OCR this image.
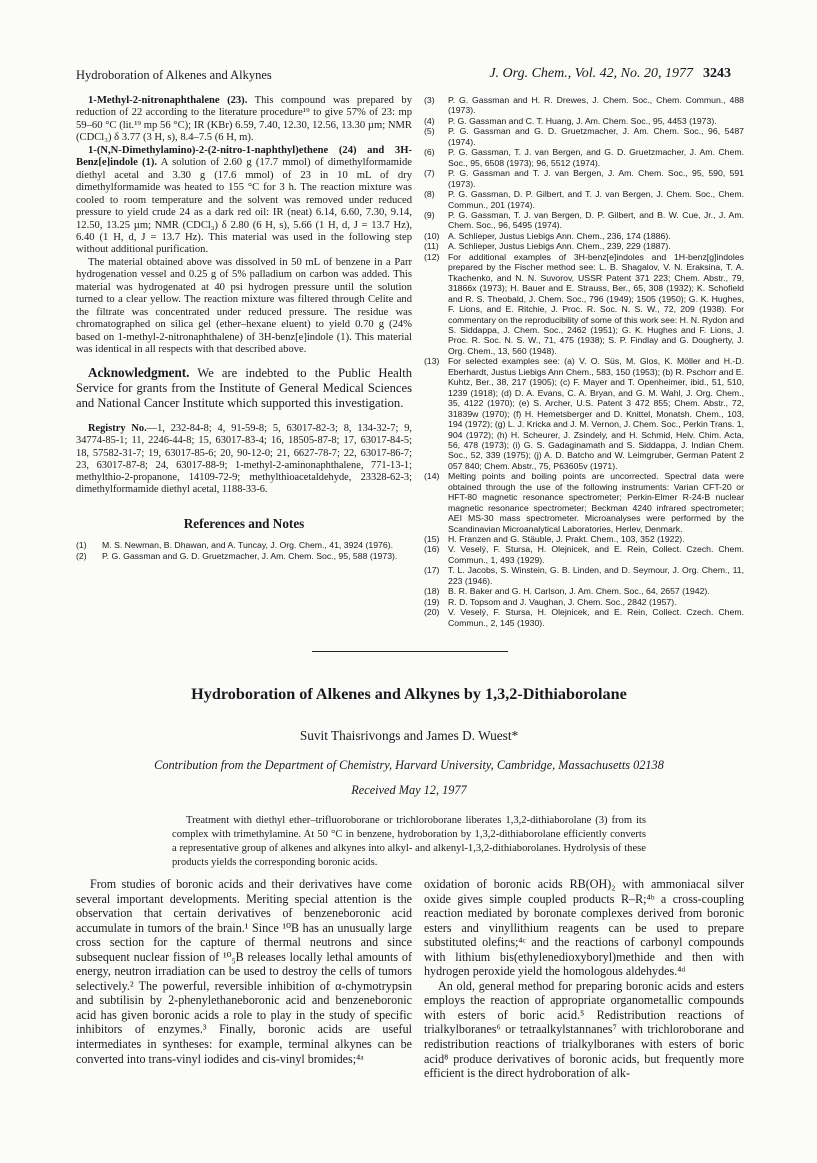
Hydroboration of Alkenes and Alkynes	J. Org. Chem., Vol. 42, No. 20, 1977 3243

1-Methyl-2-nitronaphthalene (23). This compound was prepared by reduction of 22 according to the literature procedure¹⁹ to give 57% of 23: mp 59–60 °C (lit.¹⁹ mp 56 °C); IR (KBr) 6.59, 7.40, 12.30, 12.56, 13.30 µm; NMR (CDCl₃) δ 3.77 (3 H, s), 8.4–7.5 (6 H, m).

1-(N,N-Dimethylamino)-2-(2-nitro-1-naphthyl)ethene (24) and 3H-Benz[e]indole (1). A solution of 2.60 g (17.7 mmol) of dimethylformamide diethyl acetal and 3.30 g (17.6 mmol) of 23 in 10 mL of dry dimethylformamide was heated to 155 °C for 3 h. The reaction mixture was cooled to room temperature and the solvent was removed under reduced pressure to yield crude 24 as a dark red oil: IR (neat) 6.14, 6.60, 7.30, 9.14, 12.50, 13.25 µm; NMR (CDCl₃) δ 2.80 (6 H, s), 5.66 (1 H, d, J = 13.7 Hz), 6.40 (1 H, d, J = 13.7 Hz). This material was used in the following step without additional purification.

The material obtained above was dissolved in 50 mL of benzene in a Parr hydrogenation vessel and 0.25 g of 5% palladium on carbon was added. This material was hydrogenated at 40 psi hydrogen pressure until the solution turned to a clear yellow. The reaction mixture was filtered through Celite and the filtrate was concentrated under reduced pressure. The residue was chromatographed on silica gel (ether–hexane eluent) to yield 0.70 g (24% based on 1-methyl-2-nitronaphthalene) of 3H-benz[e]indole (1). This material was identical in all respects with that described above.

Acknowledgment. We are indebted to the Public Health Service for grants from the Institute of General Medical Sciences and National Cancer Institute which supported this investigation.

Registry No.—1, 232-84-8; 4, 91-59-8; 5, 63017-82-3; 8, 134-32-7; 9, 34774-85-1; 11, 2246-44-8; 15, 63017-83-4; 16, 18505-87-8; 17, 63017-84-5; 18, 57582-31-7; 19, 63017-85-6; 20, 90-12-0; 21, 6627-78-7; 22, 63017-86-7; 23, 63017-87-8; 24, 63017-88-9; 1-methyl-2-aminonaphthalene, 771-13-1; methylthio-2-propanone, 14109-72-9; methylthioacetaldehyde, 23328-62-3; dimethylformamide diethyl acetal, 1188-33-6.

References and Notes
(1) M. S. Newman, B. Dhawan, and A. Tuncay, J. Org. Chem., 41, 3924 (1976).
(2) P. G. Gassman and G. D. Gruetzmacher, J. Am. Chem. Soc., 95, 588 (1973).
(3) P. G. Gassman and H. R. Drewes, J. Chem. Soc., Chem. Commun., 488 (1973).
(4) P. G. Gassman and C. T. Huang, J. Am. Chem. Soc., 95, 4453 (1973).
(5) P. G. Gassman and G. D. Gruetzmacher, J. Am. Chem. Soc., 96, 5487 (1974).
(6) P. G. Gassman, T. J. van Bergen, and G. D. Gruetzmacher, J. Am. Chem. Soc., 95, 6508 (1973); 96, 5512 (1974).
(7) P. G. Gassman and T. J. van Bergen, J. Am. Chem. Soc., 95, 590, 591 (1973).
(8) P. G. Gassman, D. P. Gilbert, and T. J. van Bergen, J. Chem. Soc., Chem. Commun., 201 (1974).
(9) P. G. Gassman, T. J. van Bergen, D. P. Gilbert, and B. W. Cue, Jr., J. Am. Chem. Soc., 96, 5495 (1974).
(10) A. Schlieper, Justus Liebigs Ann. Chem., 236, 174 (1886).
(11) A. Schlieper, Justus Liebigs Ann. Chem., 239, 229 (1887).
(12) For additional examples of 3H-benz[e]indoles and 1H-benz[g]indoles prepared by the Fischer method see: L. B. Shagalov, V. N. Eraksina, T. A. Tkachenko, and N. N. Suvorov, USSR Patent 371 223; Chem. Abstr., 79, 31866x (1973); H. Bauer and E. Strauss, Ber., 65, 308 (1932); K. Schofield and R. S. Theobald, J. Chem. Soc., 796 (1949); 1505 (1950); G. K. Hughes, F. Lions, and E. Ritchie, J. Proc. R. Soc. N. S. W., 72, 209 (1938). For commentary on the reproducibility of some of this work see: H. N. Rydon and S. Siddappa, J. Chem. Soc., 2462 (1951); G. K. Hughes and F. Lions, J. Proc. R. Soc. N. S. W., 71, 475 (1938); S. P. Findlay and G. Dougherty, J. Org. Chem., 13, 560 (1948).
(13) For selected examples see: (a) V. O. Süs, M. Glos, K. Möller and H.-D. Eberhardt, Justus Liebigs Ann Chem., 583, 150 (1953); (b) R. Pschorr and E. Kuhtz, Ber., 38, 217 (1905); (c) F. Mayer and T. Openheimer, ibid., 51, 510, 1239 (1918); (d) D. A. Evans, C. A. Bryan, and G. M. Wahl, J. Org. Chem., 35, 4122 (1970); (e) S. Archer, U.S. Patent 3 472 855; Chem. Abstr., 72, 31839w (1970); (f) H. Hemetsberger and D. Knittel, Monatsh. Chem., 103, 194 (1972); (g) L. J. Kricka and J. M. Vernon, J. Chem. Soc., Perkin Trans. 1, 904 (1972); (h) H. Scheurer, J. Zsindely, and H. Schmid, Helv. Chim. Acta, 56, 478 (1973); (i) G. S. Gadaginamath and S. Siddappa, J. Indian Chem. Soc., 52, 339 (1975); (j) A. D. Batcho and W. Leimgruber, German Patent 2 057 840; Chem. Abstr., 75, P63605v (1971).
(14) Melting points and boiling points are uncorrected. Spectral data were obtained through the use of the following instruments: Varian CFT-20 or HFT-80 magnetic resonance spectrometer; Perkin-Elmer R-24-B nuclear magnetic resonance spectrometer; Beckman 4240 infrared spectrometer; AEI MS-30 mass spectrometer. Microanalyses were performed by the Scandinavian Microanalytical Laboratories, Herlev, Denmark.
(15) H. Franzen and G. Stäuble, J. Prakt. Chem., 103, 352 (1922).
(16) V. Veselý, F. Stursa, H. Olejnicek, and E. Rein, Collect. Czech. Chem. Commun., 1, 493 (1929).
(17) T. L. Jacobs, S. Winstein, G. B. Linden, and D. Seymour, J. Org. Chem., 11, 223 (1946).
(18) B. R. Baker and G. H. Carlson, J. Am. Chem. Soc., 64, 2657 (1942).
(19) R. D. Topsom and J. Vaughan, J. Chem. Soc., 2842 (1957).
(20) V. Veselý, F. Stursa, H. Olejnicek, and E. Rein, Collect. Czech. Chem. Commun., 2, 145 (1930).
Hydroboration of Alkenes and Alkynes by 1,3,2-Dithiaborolane
Suvit Thaisrivongs and James D. Wuest*
Contribution from the Department of Chemistry, Harvard University, Cambridge, Massachusetts 02138
Received May 12, 1977
Treatment with diethyl ether–trifluoroborane or trichloroborane liberates 1,3,2-dithiaborolane (3) from its complex with trimethylamine. At 50 °C in benzene, hydroboration by 1,3,2-dithiaborolane efficiently converts a representative group of alkenes and alkynes into alkyl- and alkenyl-1,3,2-dithiaborolanes. Hydrolysis of these products yields the corresponding boronic acids.

From studies of boronic acids and their derivatives have come several important developments. Meriting special attention is the observation that certain derivatives of benzeneboronic acid accumulate in tumors of the brain.¹ Since ¹⁰B has an unusually large cross section for the capture of thermal neutrons and since subsequent nuclear fission of ¹⁰₅B releases locally lethal amounts of energy, neutron irradiation can be used to destroy the cells of tumors selectively.² The powerful, reversible inhibition of α-chymotrypsin and subtilisin by 2-phenylethaneboronic acid and benzeneboronic acid has given boronic acids a role to play in the study of specific inhibitors of enzymes.³ Finally, boronic acids are useful intermediates in syntheses: for example, terminal alkynes can be converted into trans-vinyl iodides and cis-vinyl bromides;⁴ᵃ

oxidation of boronic acids RB(OH)₂ with ammoniacal silver oxide gives simple coupled products R–R;⁴ᵇ a cross-coupling reaction mediated by boronate complexes derived from boronic esters and vinyllithium reagents can be used to prepare substituted olefins;⁴ᶜ and the reactions of carbonyl compounds with lithium bis(ethylenedioxyboryl)methide and then with hydrogen peroxide yield the homologous aldehydes.⁴ᵈ

An old, general method for preparing boronic acids and esters employs the reaction of appropriate organometallic compounds with esters of boric acid.⁵ Redistribution reactions of trialkylboranes⁶ or tetraalkylstannanes⁷ with trichloroborane and redistribution reactions of trialkylboranes with esters of boric acid⁸ produce derivatives of boronic acids, but frequently more efficient is the direct hydroboration of alk-
